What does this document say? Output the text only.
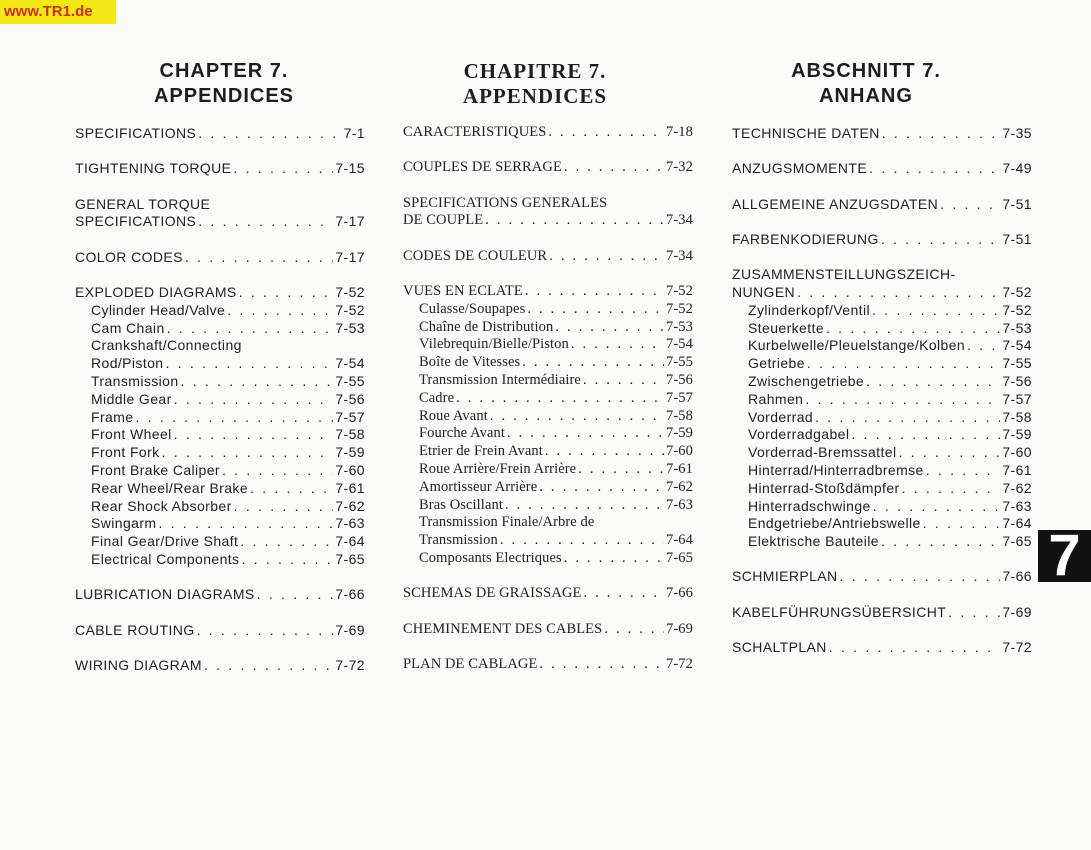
www.TR1.de
CHAPTER 7.
APPENDICES
SPECIFICATIONS . . .	7-1
TIGHTENING TORQUE . . .	7-15
GENERAL TORQUE
SPECIFICATIONS . . .	7-17
COLOR CODES . . .	7-17
EXPLODED DIAGRAMS . . .	7-52
Cylinder Head/Valve . . .	7-52
Cam Chain . . .	7-53
Crankshaft/Connecting
Rod/Piston . . .	7-54
Transmission . . .	7-55
Middle Gear . . .	7-56
Frame . . .	7-57
Front Wheel . . .	7-58
Front Fork . . .	7-59
Front Brake Caliper . . .	7-60
Rear Wheel/Rear Brake . . .	7-61
Rear Shock Absorber . . .	7-62
Swingarm . . .	7-63
Final Gear/Drive Shaft . . .	7-64
Electrical Components . . .	7-65
LUBRICATION DIAGRAMS . . .	7-66
CABLE ROUTING . . .	7-69
WIRING DIAGRAM . . .	7-72
CHAPITRE 7.
APPENDICES
CARACTERISTIQUES . . .	7-18
COUPLES DE SERRAGE . . .	7-32
SPECIFICATIONS GENERALES
DE COUPLE . . .	7-34
CODES DE COULEUR . . .	7-34
VUES EN ECLATE . . .	7-52
Culasse/Soupapes . . .	7-52
Chaîne de Distribution . . .	7-53
Vilebrequin/Bielle/Piston . . .	7-54
Boîte de Vitesses . . .	7-55
Transmission Intermédiaire . . .	7-56
Cadre . . .	7-57
Roue Avant . . .	7-58
Fourche Avant . . .	7-59
Etrier de Frein Avant . . .	7-60
Roue Arrière/Frein Arrière . . .	7-61
Amortisseur Arrière . . .	7-62
Bras Oscillant . . .	7-63
Transmission Finale/Arbre de
Transmission . . .	7-64
Composants Electriques . . .	7-65
SCHEMAS DE GRAISSAGE . . .	7-66
CHEMINEMENT DES CABLES . . .	7-69
PLAN DE CABLAGE . . .	7-72
ABSCHNITT 7.
ANHANG
TECHNISCHE DATEN . . .	7-35
ANZUGSMOMENTE . . .	7-49
ALLGEMEINE ANZUGSDATEN . . .	7-51
FARBENKODIERUNG . . .	7-51
ZUSAMMENSTEILLUNGSZEICH-
NUNGEN . . .	7-52
Zylinderkopf/Ventil . . .	7-52
Steuerkette . . .	7-53
Kurbelwelle/Pleuelstange/Kolben . . .	7-54
Getriebe . . .	7-55
Zwischengetriebe . . .	7-56
Rahmen . . .	7-57
Vorderrad . . .	7-58
Vorderradgabel . . .	7-59
Vorderrad-Bremssattel . . .	7-60
Hinterrad/Hinterradbremse . . .	7-61
Hinterrad-Stoßdämpfer . . .	7-62
Hinterradschwinge . . .	7-63
Endgetriebe/Antriebswelle . . .	7-64
Elektrische Bauteile . . .	7-65
SCHMIERPLAN . . .	7-66
KABELFÜHRUNGSÜBERSICHT . . .	7-69
SCHALTPLAN . . .	7-72
7
